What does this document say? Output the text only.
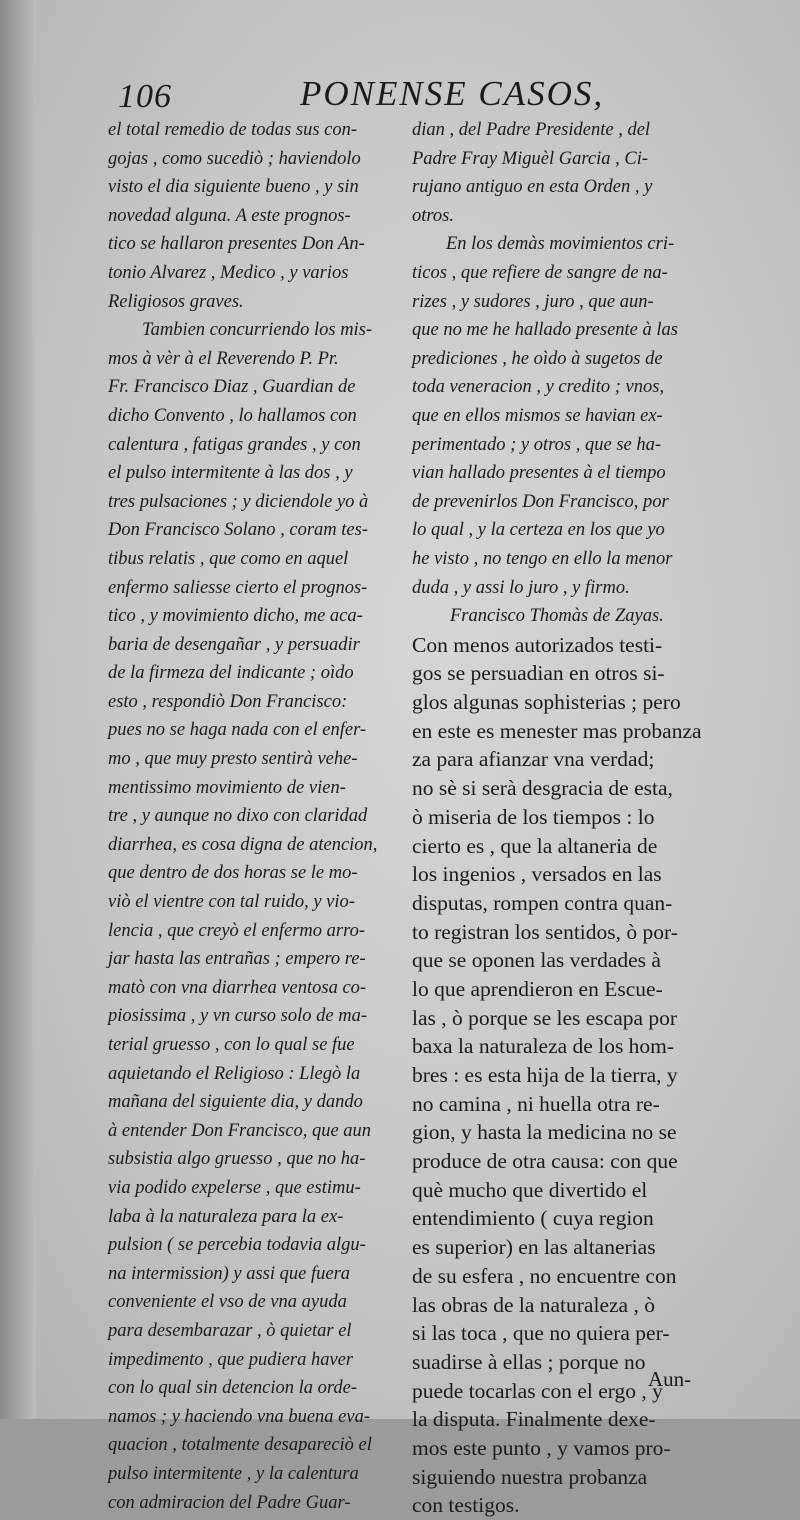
106	PONENSE CASOS,
el total remedio de todas sus con-
gojas , como sucediò ; haviendolo
visto el dia siguiente bueno , y sin
novedad alguna. A este prognos-
tico se hallaron presentes Don An-
tonio Alvarez , Medico , y varios
Religiosos graves.
Tambien concurriendo los mis-
mos à vèr à el Reverendo P. Pr.
Fr. Francisco Diaz , Guardian de
dicho Convento , lo hallamos con
calentura , fatigas grandes , y con
el pulso intermitente à las dos , y
tres pulsaciones ; y diciendole yo à
Don Francisco Solano , coram tes-
tibus relatis , que como en aquel
enfermo saliesse cierto el prognos-
tico , y movimiento dicho, me aca-
baria de desengañar , y persuadir
de la firmeza del indicante ; oìdo
esto , respondiò Don Francisco:
pues no se haga nada con el enfer-
mo , que muy presto sentirà vehe-
mentissimo movimiento de vien-
tre , y aunque no dixo con claridad
diarrhea, es cosa digna de atencion,
que dentro de dos horas se le mo-
viò el vientre con tal ruido, y vio-
lencia , que creyò el enfermo arro-
jar hasta las entrañas ; empero re-
matò con vna diarrhea ventosa co-
piosissima , y vn curso solo de ma-
terial gruesso , con lo qual se fue
aquietando el Religioso : Llegò la
mañana del siguiente dia, y dando
à entender Don Francisco, que aun
subsistia algo gruesso , que no ha-
via podido expelerse , que estimu-
laba à la naturaleza para la ex-
pulsion ( se percebia todavia algu-
na intermission) y assi que fuera
conveniente el vso de vna ayuda
para desembarazar , ò quietar el
impedimento , que pudiera haver
con lo qual sin detencion la orde-
namos ; y haciendo vna buena eva-
quacion , totalmente desapareciò el
pulso intermitente , y la calentura
con admiracion del Padre Guar-
dian , del Padre Presidente , del
Padre Fray Miguèl Garcia , Ci-
rujano antiguo en esta Orden , y
otros.
En los demàs movimientos cri-
ticos , que refiere de sangre de na-
rizes , y sudores , juro , que aun-
que no me he hallado presente à las
prediciones , he oìdo à sugetos de
toda veneracion , y credito ; vnos,
que en ellos mismos se havian ex-
perimentado ; y otros , que se ha-
vian hallado presentes à el tiempo
de prevenirlos Don Francisco, por
lo qual , y la certeza en los que yo
he visto , no tengo en ello la menor
duda , y assi lo juro , y firmo.
Francisco Thomàs de Zayas.
Con menos autorizados testi-
gos se persuadian en otros si-
glos algunas sophisterias ; pero
en este es menester mas probanza
za para afianzar vna verdad;
no sè si serà desgracia de esta,
ò miseria de los tiempos : lo
cierto es , que la altaneria de
los ingenios , versados en las
disputas, rompen contra quan-
to registran los sentidos, ò por-
que se oponen las verdades à
lo que aprendieron en Escue-
las , ò porque se les escapa por
baxa la naturaleza de los hom-
bres : es esta hija de la tierra, y
no camina , ni huella otra re-
gion, y hasta la medicina no se
produce de otra causa: con que
què mucho que divertido el
entendimiento ( cuya region
es superior) en las altanerias
de su esfera , no encuentre con
las obras de la naturaleza , ò
si las toca , que no quiera per-
suadirse à ellas ; porque no
puede tocarlas con el ergo , y
la disputa. Finalmente dexe-
mos este punto , y vamos pro-
siguiendo nuestra probanza
con testigos.
Aun-
